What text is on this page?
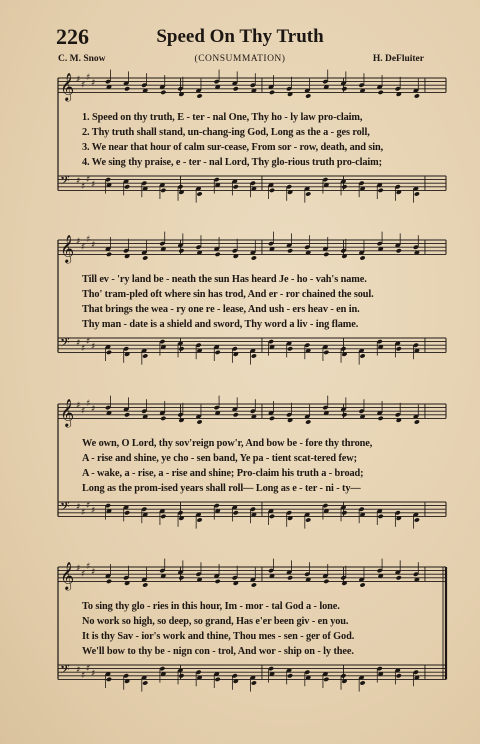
226	Speed On Thy Truth
C. M. Snow	(CONSUMMATION)	H. DeFluiter
𝄞 ♯
♯
♯
♯
𝄢 ♯
♯
♯
♯
1. Speed on thy truth, E - ter - nal One, Thy ho - ly law pro-claim,
2. Thy truth shall stand, un-chang-ing God, Long as the a - ges roll,
3. We near that hour of calm sur-cease, From sor - row, death, and sin,
4. We sing thy praise, e - ter - nal Lord, Thy glo-rious truth pro-claim;
𝄞 ♯
♯
♯
♯
𝄢 ♯
♯
♯
♯
Till ev - 'ry land be - neath the sun Has heard Je - ho - vah's name.
Tho' tram-pled oft where sin has trod, And er - ror chained the soul.
That brings the wea - ry one re - lease, And ush - ers heav - en in.
Thy man - date is a shield and sword, Thy word a liv - ing flame.
𝄞 ♯
♯
♯
♯
𝄢 ♯
♯
♯
♯
We own, O Lord, thy sov'reign pow'r, And bow be - fore thy throne,
A - rise and shine, ye cho - sen band, Ye pa - tient scat-tered few;
A - wake, a - rise, a - rise and shine; Pro-claim his truth a - broad;
Long as the prom-ised years shall roll— Long as e - ter - ni - ty—
𝄞 ♯
♯
♯
♯
𝄢 ♯
♯
♯
♯
To sing thy glo - ries in this hour, Im - mor - tal God a - lone.
No work so high, so deep, so grand, Has e'er been giv - en you.
It is thy Sav - ior's work and thine, Thou mes - sen - ger of God.
We'll bow to thy be - nign con - trol, And wor - ship on - ly thee.
